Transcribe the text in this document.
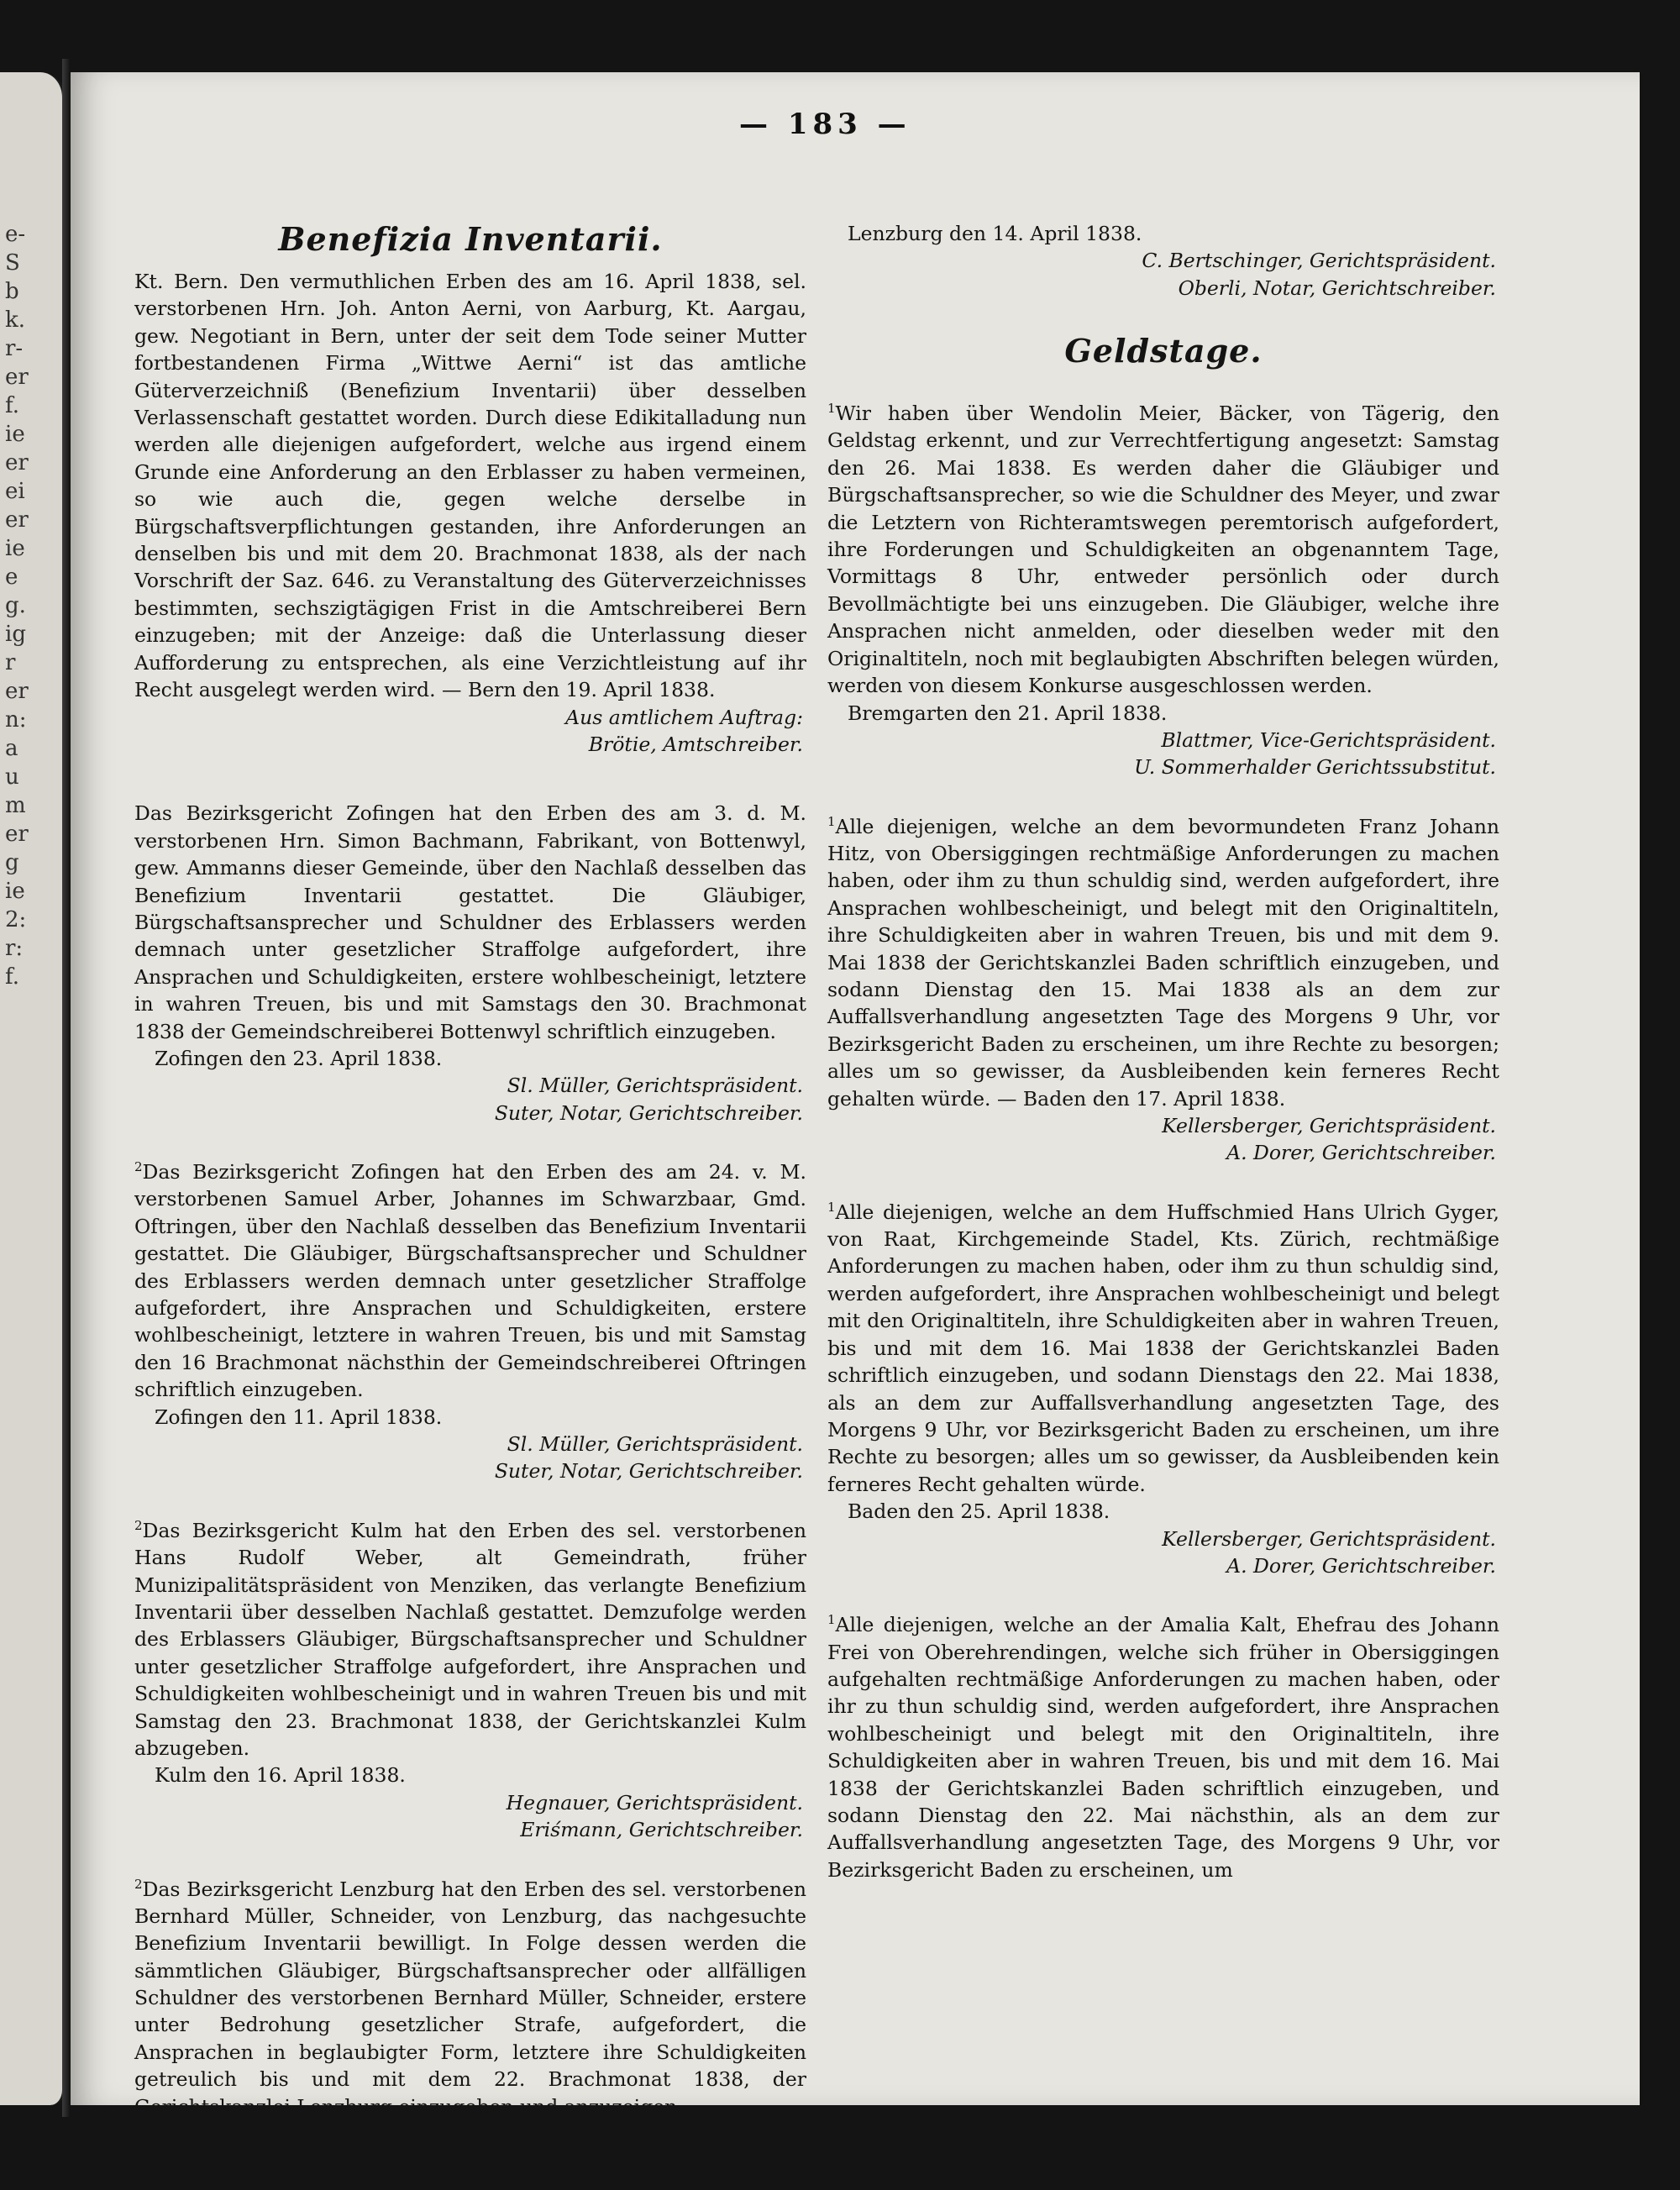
e-
S
b
k.
r-
er
f.
ie
er
ei
er
ie
e
g.
ig
r
er
n:
a
u
m
er
g
ie
2:
r:
f.
— 183 —
Benefizia Inventarii.

Kt. Bern. Den vermuthlichen Erben des am 16. April 1838, sel. verstorbenen Hrn. Joh. Anton Aerni, von Aarburg, Kt. Aargau, gew. Negotiant in Bern, unter der seit dem Tode seiner Mutter fortbestandenen Firma „Wittwe Aerni“ ist das amtliche Güterverzeichniß (Benefizium Inventarii) über desselben Verlassenschaft gestattet worden. Durch diese Edikitalladung nun werden alle diejenigen aufgefordert, welche aus irgend einem Grunde eine Anforderung an den Erblasser zu haben vermeinen, so wie auch die, gegen welche derselbe in Bürgschaftsverpflichtungen gestanden, ihre Anforderungen an denselben bis und mit dem 20. Brachmonat 1838, als der nach Vorschrift der Saz. 646. zu Veranstaltung des Güterverzeichnisses bestimmten, sechszigtägigen Frist in die Amtschreiberei Bern einzugeben; mit der Anzeige: daß die Unterlassung dieser Aufforderung zu entsprechen, als eine Verzichtleistung auf ihr Recht ausgelegt werden wird. — Bern den 19. April 1838.

Aus amtlichem Auftrag:
Brötie, Amtschreiber.

Das Bezirksgericht Zofingen hat den Erben des am 3. d. M. verstorbenen Hrn. Simon Bachmann, Fabrikant, von Bottenwyl, gew. Ammanns dieser Gemeinde, über den Nachlaß desselben das Benefizium Inventarii gestattet. Die Gläubiger, Bürgschaftsansprecher und Schuldner des Erblassers werden demnach unter gesetzlicher Straffolge aufgefordert, ihre Ansprachen und Schuldigkeiten, erstere wohlbescheinigt, letztere in wahren Treuen, bis und mit Samstags den 30. Brachmonat 1838 der Gemeindschreiberei Bottenwyl schriftlich einzugeben.

Zofingen den 23. April 1838.
Sl. Müller, Gerichtspräsident.
Suter, Notar, Gerichtschreiber.

$^2$Das Bezirksgericht Zofingen hat den Erben des am 24. v. M. verstorbenen Samuel Arber, Johannes im Schwarzbaar, Gmd. Oftringen, über den Nachlaß desselben das Benefizium Inventarii gestattet. Die Gläubiger, Bürgschaftsansprecher und Schuldner des Erblassers werden demnach unter gesetzlicher Straffolge aufgefordert, ihre Ansprachen und Schuldigkeiten, erstere wohlbescheinigt, letztere in wahren Treuen, bis und mit Samstag den 16 Brachmonat nächsthin der Gemeindschreiberei Oftringen schriftlich einzugeben.

Zofingen den 11. April 1838.
Sl. Müller, Gerichtspräsident.
Suter, Notar, Gerichtschreiber.

$^2$Das Bezirksgericht Kulm hat den Erben des sel. verstorbenen Hans Rudolf Weber, alt Gemeindrath, früher Munizipalitätspräsident von Menziken, das verlangte Benefizium Inventarii über desselben Nachlaß gestattet. Demzufolge werden des Erblassers Gläubiger, Bürgschaftsansprecher und Schuldner unter gesetzlicher Straffolge aufgefordert, ihre Ansprachen und Schuldigkeiten wohlbescheinigt und in wahren Treuen bis und mit Samstag den 23. Brachmonat 1838, der Gerichtskanzlei Kulm abzugeben.

Kulm den 16. April 1838.
Hegnauer, Gerichtspräsident.
Eriśmann, Gerichtschreiber.

$^2$Das Bezirksgericht Lenzburg hat den Erben des sel. verstorbenen Bernhard Müller, Schneider, von Lenzburg, das nachgesuchte Benefizium Inventarii bewilligt. In Folge dessen werden die sämmtlichen Gläubiger, Bürgschaftsansprecher oder allfälligen Schuldner des verstorbenen Bernhard Müller, Schneider, erstere unter Bedrohung gesetzlicher Strafe, aufgefordert, die Ansprachen in beglaubigter Form, letztere ihre Schuldigkeiten getreulich bis und mit dem 22. Brachmonat 1838, der Gerichtskanzlei Lenzburg einzugeben und anzuzeigen.

Lenzburg den 14. April 1838.
C. Bertschinger, Gerichtspräsident.
Oberli, Notar, Gerichtschreiber.
Geldstage.

$^1$Wir haben über Wendolin Meier, Bäcker, von Tägerig, den Geldstag erkennt, und zur Verrechtfertigung angesetzt: Samstag den 26. Mai 1838. Es werden daher die Gläubiger und Bürgschaftsansprecher, so wie die Schuldner des Meyer, und zwar die Letztern von Richteramtswegen peremtorisch aufgefordert, ihre Forderungen und Schuldigkeiten an obgenanntem Tage, Vormittags 8 Uhr, entweder persönlich oder durch Bevollmächtigte bei uns einzugeben. Die Gläubiger, welche ihre Ansprachen nicht anmelden, oder dieselben weder mit den Originaltiteln, noch mit beglaubigten Abschriften belegen würden, werden von diesem Konkurse ausgeschlossen werden.

Bremgarten den 21. April 1838.
Blattmer, Vice-Gerichtspräsident.
U. Sommerhalder Gerichtssubstitut.

$^1$Alle diejenigen, welche an dem bevormundeten Franz Johann Hitz, von Obersiggingen rechtmäßige Anforderungen zu machen haben, oder ihm zu thun schuldig sind, werden aufgefordert, ihre Ansprachen wohlbescheinigt, und belegt mit den Originaltiteln, ihre Schuldigkeiten aber in wahren Treuen, bis und mit dem 9. Mai 1838 der Gerichtskanzlei Baden schriftlich einzugeben, und sodann Dienstag den 15. Mai 1838 als an dem zur Auffallsverhandlung angesetzten Tage des Morgens 9 Uhr, vor Bezirksgericht Baden zu erscheinen, um ihre Rechte zu besorgen; alles um so gewisser, da Ausbleibenden kein ferneres Recht gehalten würde. — Baden den 17. April 1838.

Kellersberger, Gerichtspräsident.
A. Dorer, Gerichtschreiber.

$^1$Alle diejenigen, welche an dem Huffschmied Hans Ulrich Gyger, von Raat, Kirchgemeinde Stadel, Kts. Zürich, rechtmäßige Anforderungen zu machen haben, oder ihm zu thun schuldig sind, werden aufgefordert, ihre Ansprachen wohlbescheinigt und belegt mit den Originaltiteln, ihre Schuldigkeiten aber in wahren Treuen, bis und mit dem 16. Mai 1838 der Gerichtskanzlei Baden schriftlich einzugeben, und sodann Dienstags den 22. Mai 1838, als an dem zur Auffallsverhandlung angesetzten Tage, des Morgens 9 Uhr, vor Bezirksgericht Baden zu erscheinen, um ihre Rechte zu besorgen; alles um so gewisser, da Ausbleibenden kein ferneres Recht gehalten würde.

Baden den 25. April 1838.
Kellersberger, Gerichtspräsident.
A. Dorer, Gerichtschreiber.

$^1$Alle diejenigen, welche an der Amalia Kalt, Ehefrau des Johann Frei von Oberehrendingen, welche sich früher in Obersiggingen aufgehalten rechtmäßige Anforderungen zu machen haben, oder ihr zu thun schuldig sind, werden aufgefordert, ihre Ansprachen wohlbescheinigt und belegt mit den Originaltiteln, ihre Schuldigkeiten aber in wahren Treuen, bis und mit dem 16. Mai 1838 der Gerichtskanzlei Baden schriftlich einzugeben, und sodann Dienstag den 22. Mai nächsthin, als an dem zur Auffallsverhandlung angesetzten Tage, des Morgens 9 Uhr, vor Bezirksgericht Baden zu erscheinen, um
